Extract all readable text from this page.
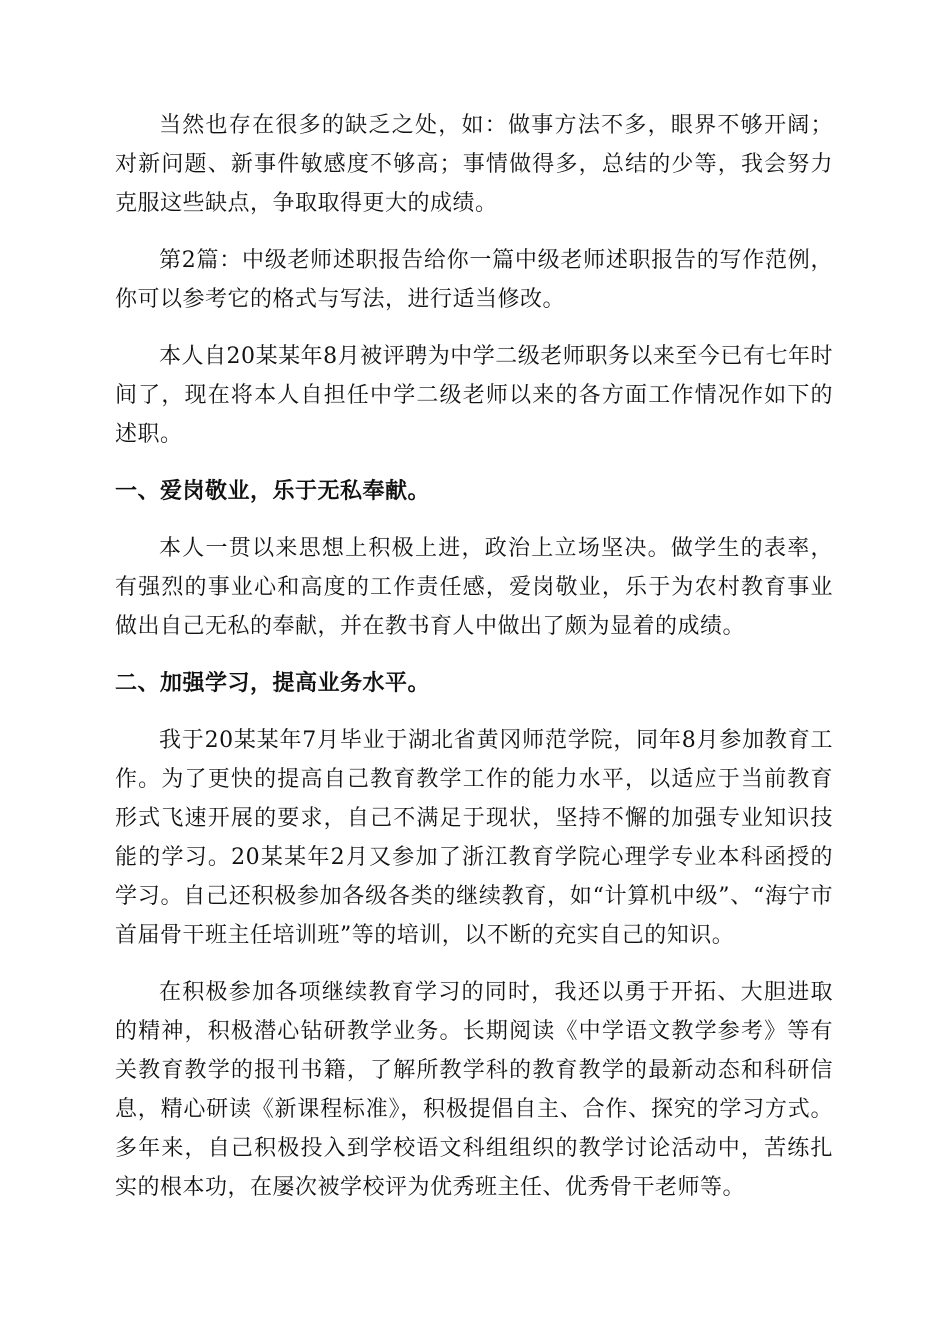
当然也存在很多的缺乏之处，如：做事方法不多，眼界不够开阔；对新问题、新事件敏感度不够高；事情做得多，总结的少等，我会努力克服这些缺点，争取取得更大的成绩。

第2篇：中级老师述职报告给你一篇中级老师述职报告的写作范例，你可以参考它的格式与写法，进行适当修改。

本人自20某某年8月被评聘为中学二级老师职务以来至今已有七年时间了，现在将本人自担任中学二级老师以来的各方面工作情况作如下的述职。

一、爱岗敬业，乐于无私奉献。

本人一贯以来思想上积极上进，政治上立场坚决。做学生的表率，有强烈的事业心和高度的工作责任感，爱岗敬业，乐于为农村教育事业做出自己无私的奉献，并在教书育人中做出了颇为显着的成绩。

二、加强学习，提高业务水平。

我于20某某年7月毕业于湖北省黄冈师范学院，同年8月参加教育工作。为了更快的提高自己教育教学工作的能力水平，以适应于当前教育形式飞速开展的要求，自己不满足于现状，坚持不懈的加强专业知识技能的学习。20某某年2月又参加了浙江教育学院心理学专业本科函授的学习。自己还积极参加各级各类的继续教育，如“计算机中级”、“海宁市首届骨干班主任培训班”等的培训，以不断的充实自己的知识。

在积极参加各项继续教育学习的同时，我还以勇于开拓、大胆进取的精神，积极潜心钻研教学业务。长期阅读《中学语文教学参考》等有关教育教学的报刊书籍，了解所教学科的教育教学的最新动态和科研信息，精心研读《新课程标准》，积极提倡自主、合作、探究的学习方式。多年来，自己积极投入到学校语文科组组织的教学讨论活动中，苦练扎实的根本功，在屡次被学校评为优秀班主任、优秀骨干老师等。
